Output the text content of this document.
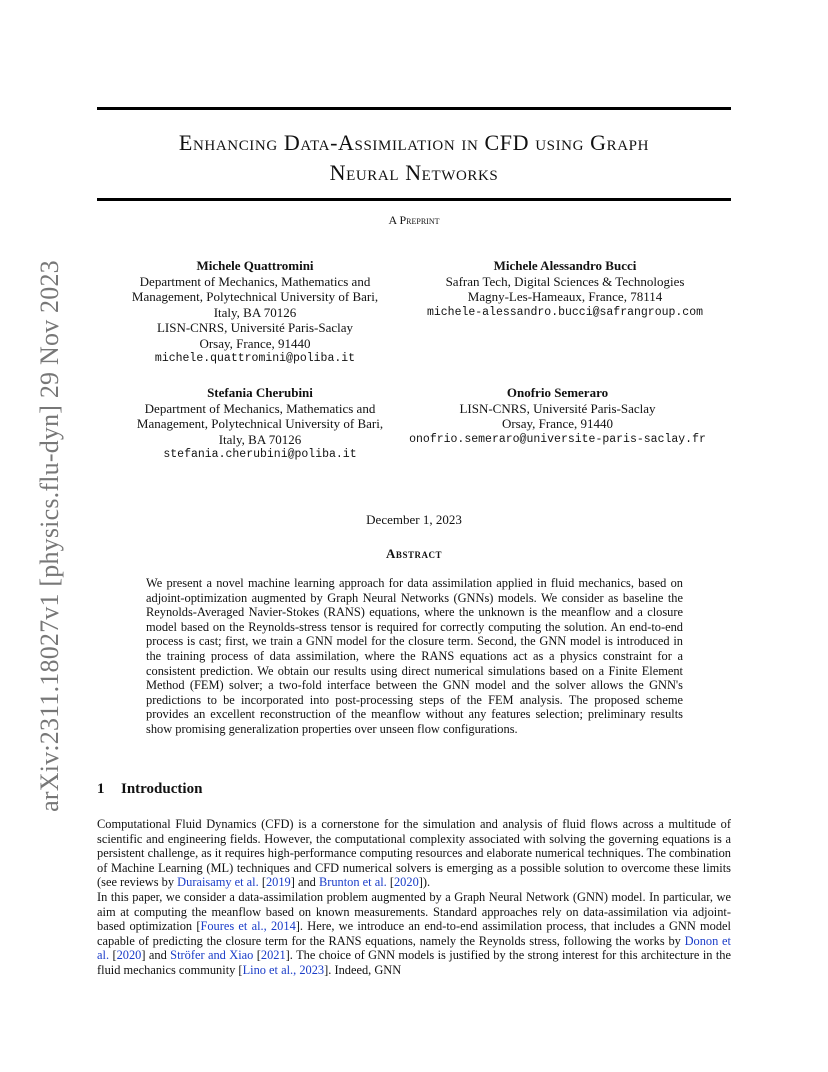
arXiv:2311.18027v1 [physics.flu-dyn] 29 Nov 2023
Enhancing Data-Assimilation in CFD using Graph
Neural Networks
A Preprint
Michele Quattromini
Department of Mechanics, Mathematics and
Management, Polytechnical University of Bari,
Italy, BA 70126
LISN-CNRS, Université Paris-Saclay
Orsay, France, 91440
michele.quattromini@poliba.it
Michele Alessandro Bucci
Safran Tech, Digital Sciences & Technologies
Magny-Les-Hameaux, France, 78114
michele-alessandro.bucci@safrangroup.com
Stefania Cherubini
Department of Mechanics, Mathematics and
Management, Polytechnical University of Bari,
Italy, BA 70126
stefania.cherubini@poliba.it
Onofrio Semeraro
LISN-CNRS, Université Paris-Saclay
Orsay, France, 91440
onofrio.semeraro@universite-paris-saclay.fr
December 1, 2023
Abstract
We present a novel machine learning approach for data assimilation applied in fluid mechanics, based on adjoint-optimization augmented by Graph Neural Networks (GNNs) models. We consider as baseline the Reynolds-Averaged Navier-Stokes (RANS) equations, where the unknown is the meanflow and a closure model based on the Reynolds-stress tensor is required for correctly computing the solution. An end-to-end process is cast; first, we train a GNN model for the closure term. Second, the GNN model is introduced in the training process of data assimilation, where the RANS equations act as a physics constraint for a consistent prediction. We obtain our results using direct numerical simulations based on a Finite Element Method (FEM) solver; a two-fold interface between the GNN model and the solver allows the GNN's predictions to be incorporated into post-processing steps of the FEM analysis. The proposed scheme provides an excellent reconstruction of the meanflow without any features selection; preliminary results show promising generalization properties over unseen flow configurations.
1 Introduction

Computational Fluid Dynamics (CFD) is a cornerstone for the simulation and analysis of fluid flows across a multitude of scientific and engineering fields. However, the computational complexity associated with solving the governing equations is a persistent challenge, as it requires high-performance computing resources and elaborate numerical techniques. The combination of Machine Learning (ML) techniques and CFD numerical solvers is emerging as a possible solution to overcome these limits (see reviews by Duraisamy et al. [2019] and Brunton et al. [2020]).

In this paper, we consider a data-assimilation problem augmented by a Graph Neural Network (GNN) model. In particular, we aim at computing the meanflow based on known measurements. Standard approaches rely on data-assimilation via adjoint-based optimization [Foures et al., 2014]. Here, we introduce an end-to-end assimilation process, that includes a GNN model capable of predicting the closure term for the RANS equations, namely the Reynolds stress, following the works by Donon et al. [2020] and Ströfer and Xiao [2021]. The choice of GNN models is justified by the strong interest for this architecture in the fluid mechanics community [Lino et al., 2023]. Indeed, GNN
